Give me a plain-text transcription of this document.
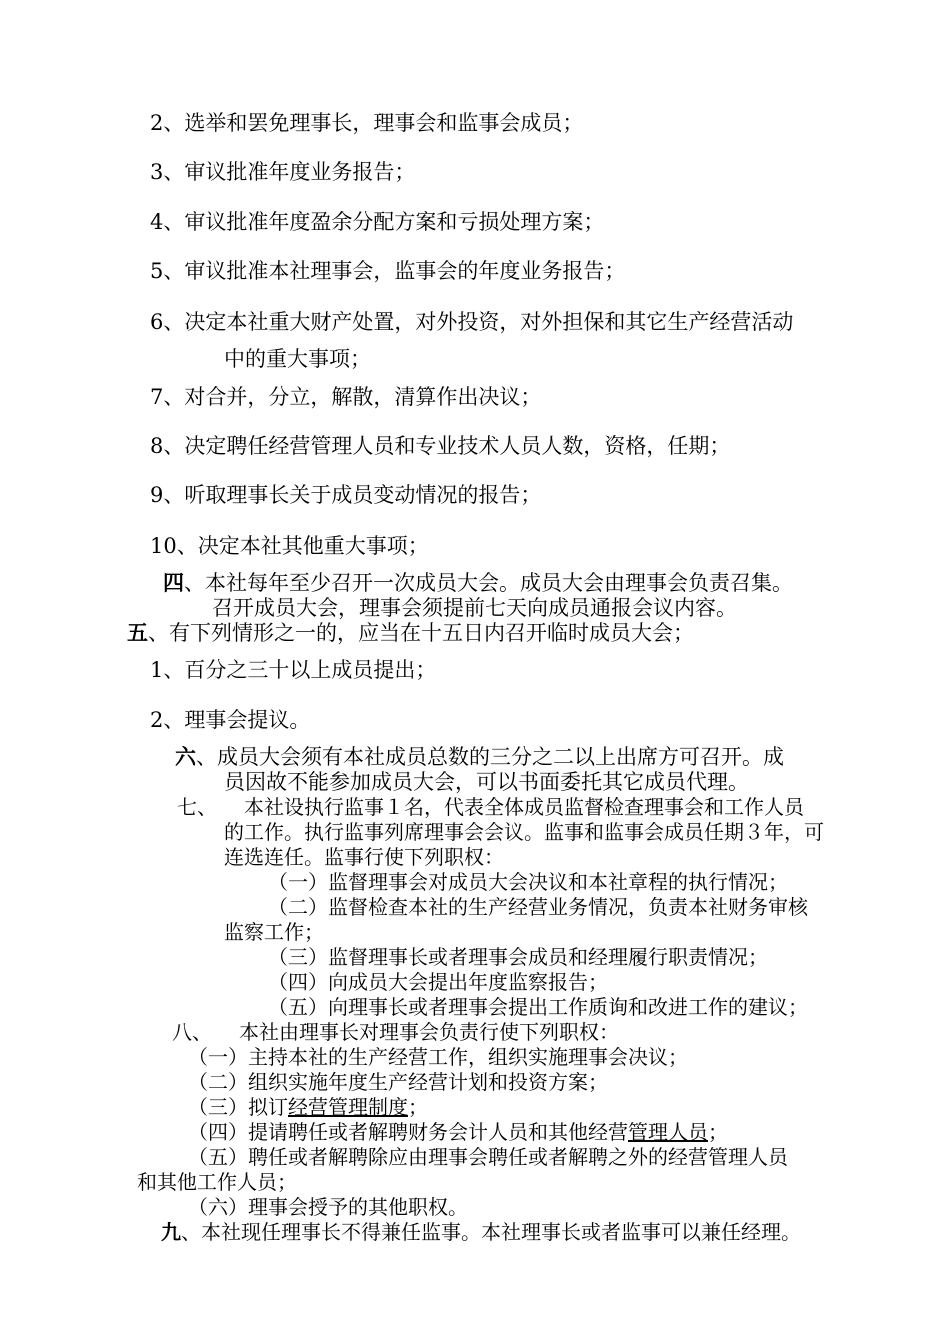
2、选举和罢免理事长，理事会和监事会成员；
3、审议批准年度业务报告；
4、审议批准年度盈余分配方案和亏损处理方案；
5、审议批准本社理事会，监事会的年度业务报告；
6、决定本社重大财产处置，对外投资，对外担保和其它生产经营活动
中的重大事项；
7、对合并，分立，解散，清算作出决议；
8、决定聘任经营管理人员和专业技术人员人数，资格，任期；
9、听取理事长关于成员变动情况的报告；
10、决定本社其他重大事项；
四、本社每年至少召开一次成员大会。成员大会由理事会负责召集。
召开成员大会，理事会须提前七天向成员通报会议内容。
五、有下列情形之一的，应当在十五日内召开临时成员大会；
1、百分之三十以上成员提出；
2、理事会提议。
六、成员大会须有本社成员总数的三分之二以上出席方可召开。成
员因故不能参加成员大会，可以书面委托其它成员代理。
七、 本社设执行监事１名，代表全体成员监督检查理事会和工作人员
的工作。执行监事列席理事会会议。监事和监事会成员任期３年，可
连选连任。监事行使下列职权：
（一）监督理事会对成员大会决议和本社章程的执行情况；
（二）监督检查本社的生产经营业务情况，负责本社财务审核
监察工作；
（三）监督理事长或者理事会成员和经理履行职责情况；
（四）向成员大会提出年度监察报告；
（五）向理事长或者理事会提出工作质询和改进工作的建议；
八、 本社由理事长对理事会负责行使下列职权：
（一）主持本社的生产经营工作，组织实施理事会决议；
（二）组织实施年度生产经营计划和投资方案；
（三）拟订经营管理制度；
（四）提请聘任或者解聘财务会计人员和其他经营管理人员；
（五）聘任或者解聘除应由理事会聘任或者解聘之外的经营管理人员
和其他工作人员；
（六）理事会授予的其他职权。
九、本社现任理事长不得兼任监事。本社理事长或者监事可以兼任经理。
